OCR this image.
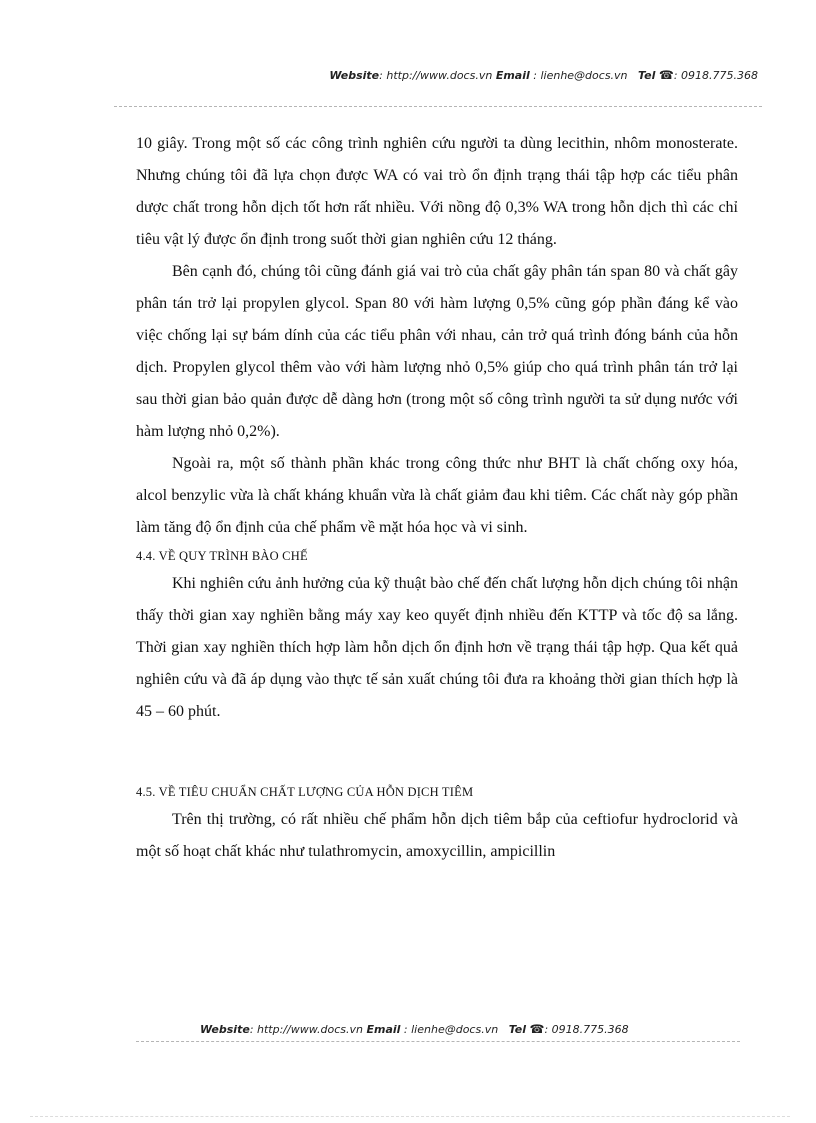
Website: http://www.docs.vn Email : lienhe@docs.vn Tel ☎: 0918.775.368

10 giây. Trong một số các công trình nghiên cứu người ta dùng lecithin, nhôm monosterate. Nhưng chúng tôi đã lựa chọn được WA có vai trò ổn định trạng thái tập hợp các tiểu phân dược chất trong hỗn dịch tốt hơn rất nhiều. Với nồng độ 0,3% WA trong hỗn dịch thì các chỉ tiêu vật lý được ổn định trong suốt thời gian nghiên cứu 12 tháng.

Bên cạnh đó, chúng tôi cũng đánh giá vai trò của chất gây phân tán span 80 và chất gây phân tán trở lại propylen glycol. Span 80 với hàm lượng 0,5% cũng góp phần đáng kể vào việc chống lại sự bám dính của các tiểu phân với nhau, cản trở quá trình đóng bánh của hỗn dịch. Propylen glycol thêm vào với hàm lượng nhỏ 0,5% giúp cho quá trình phân tán trở lại sau thời gian bảo quản được dễ dàng hơn (trong một số công trình người ta sử dụng nước với hàm lượng nhỏ 0,2%).

Ngoài ra, một số thành phần khác trong công thức như BHT là chất chống oxy hóa, alcol benzylic vừa là chất kháng khuẩn vừa là chất giảm đau khi tiêm. Các chất này góp phần làm tăng độ ổn định của chế phẩm về mặt hóa học và vi sinh.

4.4. VỀ QUY TRÌNH BÀO CHẾ

Khi nghiên cứu ảnh hưởng của kỹ thuật bào chế đến chất lượng hỗn dịch chúng tôi nhận thấy thời gian xay nghiền bằng máy xay keo quyết định nhiều đến KTTP và tốc độ sa lắng. Thời gian xay nghiền thích hợp làm hỗn dịch ổn định hơn về trạng thái tập hợp. Qua kết quả nghiên cứu và đã áp dụng vào thực tế sản xuất chúng tôi đưa ra khoảng thời gian thích hợp là 45 – 60 phút.

4.5. VỀ TIÊU CHUẨN CHẤT LƯỢNG CỦA HỖN DỊCH TIÊM

Trên thị trường, có rất nhiều chế phẩm hỗn dịch tiêm bắp của ceftiofur hydroclorid và một số hoạt chất khác như tulathromycin, amoxycillin, ampicillin

Website: http://www.docs.vn Email : lienhe@docs.vn Tel ☎: 0918.775.368
